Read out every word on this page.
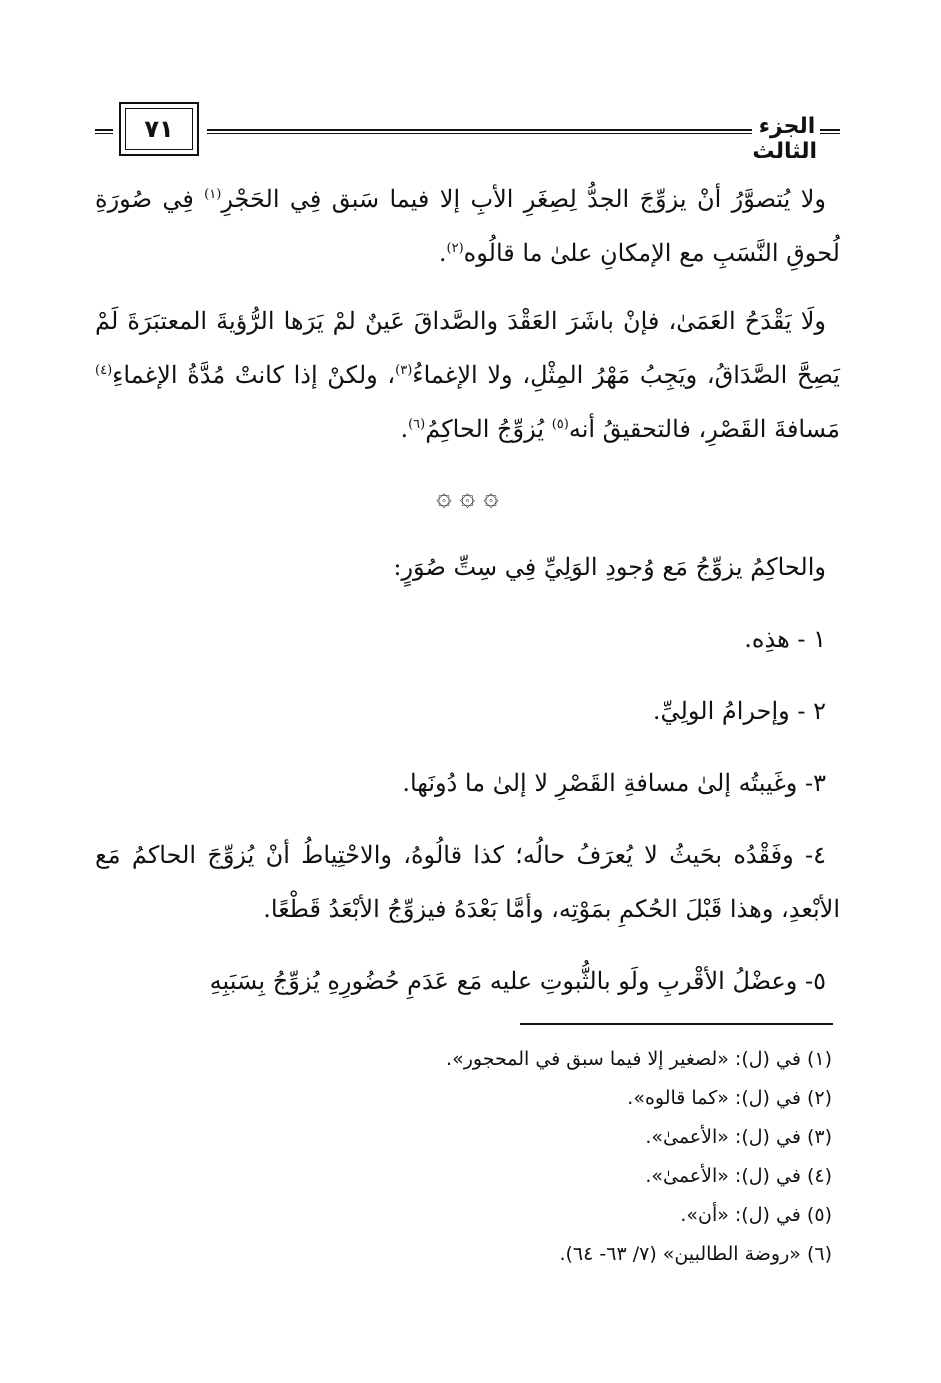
٧١	الجزء الثالث

ولا يُتصوَّرُ أنْ يزوِّجَ الجدُّ لِصِغَرِ الأبِ إلا فيما سَبق فِي الحَجْرِ$^{(١)}$ فِي صُورَةِ لُحوقِ النَّسَبِ مع الإمكانِ علىٰ ما قالُوه$^{(٢)}$.

ولَا يَقْدَحُ العَمَىٰ، فإنْ باشَرَ العَقْدَ والصَّداقَ عَينٌ لمْ يَرَها الرُّؤيةَ المعتبَرَةَ لَمْ يَصِحَّ الصَّدَاقُ، ويَجِبُ مَهْرُ المِثْلِ، ولا الإغماءُ$^{(٣)}$، ولكنْ إذا كانتْ مُدَّةُ الإغماءِ$^{(٤)}$ مَسافةَ القَصْرِ، فالتحقيقُ أنه$^{(٥)}$ يُزوِّجُ الحاكِمُ$^{(٦)}$.

۞ ۞ ۞

والحاكِمُ يزوِّجُ مَع وُجودِ الوَلِيِّ فِي سِتِّ صُوَرٍ:

١ - هذِه.

٢ - وإحرامُ الولِيِّ.

٣- وغَيبتُه إلىٰ مسافةِ القَصْرِ لا إلىٰ ما دُونَها.

٤- وفَقْدُه بحَيثُ لا يُعرَفُ حالُه؛ كذا قالُوهُ، والاحْتِياطُ أنْ يُزوِّجَ الحاكمُ مَع الأبْعدِ، وهذا قَبْلَ الحُكمِ بمَوْتِه، وأمَّا بَعْدَهُ فيزوِّجُ الأبْعَدُ قَطْعًا.

٥- وعضْلُ الأقْربِ ولَو بالثُّبوتِ عليه مَع عَدَمِ حُضُورِهِ يُزوِّجُ بِسَبَبِهِ

(١) في (ل): «لصغير إلا فيما سبق في المحجور».

(٢) في (ل): «كما قالوه».

(٣) في (ل): «الأعمىٰ».

(٤) في (ل): «الأعمىٰ».

(٥) في (ل): «أن».

(٦) «روضة الطالبين» (٧/ ٦٣- ٦٤).
